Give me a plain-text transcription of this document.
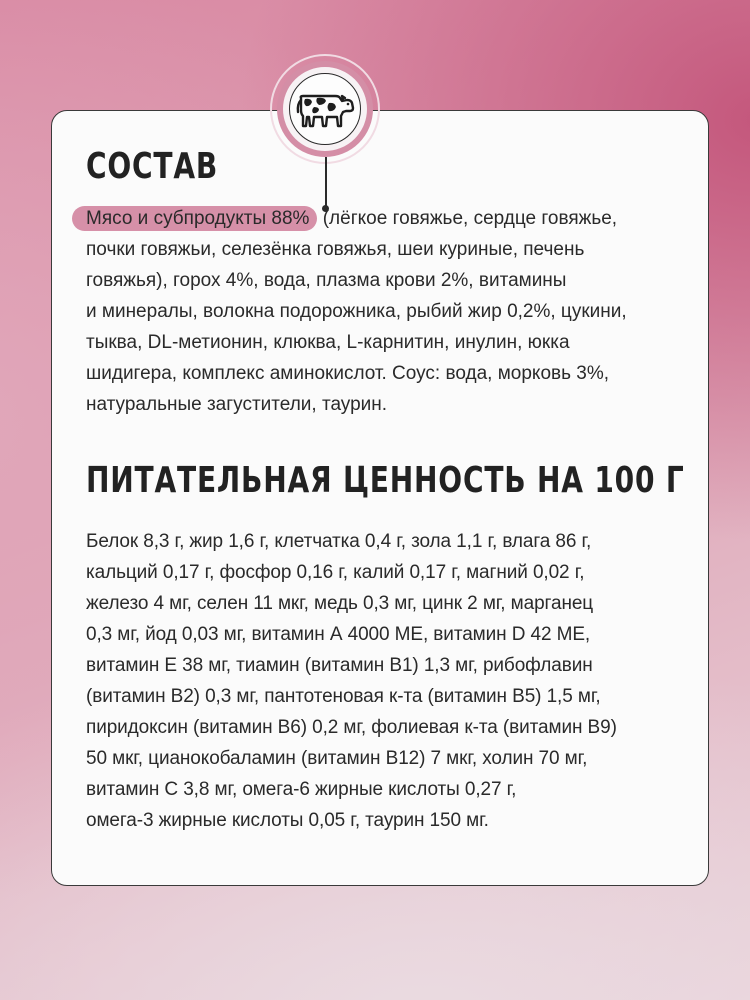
СОСТАВ
Мясо и субпродукты 88% (лёгкое говяжье, сердце говяжье,
почки говяжьи, селезёнка говяжья, шеи куриные, печень
говяжья), горох 4%, вода, плазма крови 2%, витамины
и минералы, волокна подорожника, рыбий жир 0,2%, цукини,
тыква, DL-метионин, клюква, L-карнитин, инулин, юкка
шидигера, комплекс аминокислот. Соус: вода, морковь 3%,
натуральные загустители, таурин.
ПИТАТЕЛЬНАЯ ЦЕННОСТЬ НА 100 Г
Белок 8,3 г, жир 1,6 г, клетчатка 0,4 г, зола 1,1 г, влага 86 г,
кальций 0,17 г, фосфор 0,16 г, калий 0,17 г, магний 0,02 г,
железо 4 мг, селен 11 мкг, медь 0,3 мг, цинк 2 мг, марганец
0,3 мг, йод 0,03 мг, витамин А 4000 МЕ, витамин D 42 МЕ,
витамин Е 38 мг, тиамин (витамин B1) 1,3 мг, рибофлавин
(витамин B2) 0,3 мг, пантотеновая к-та (витамин B5) 1,5 мг,
пиридоксин (витамин B6) 0,2 мг, фолиевая к-та (витамин B9)
50 мкг, цианокобаламин (витамин B12) 7 мкг, холин 70 мг,
витамин С 3,8 мг, омега-6 жирные кислоты 0,27 г,
омега-3 жирные кислоты 0,05 г, таурин 150 мг.
